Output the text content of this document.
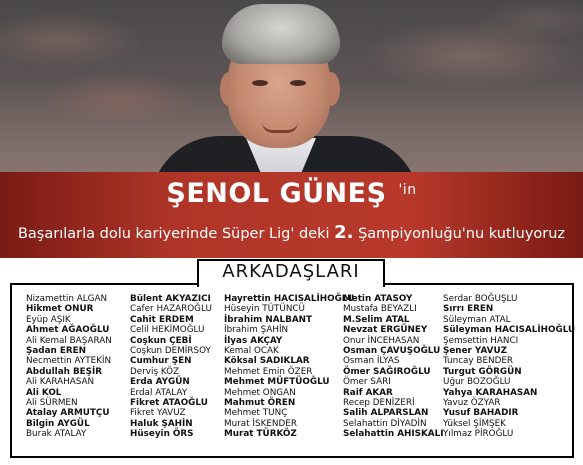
ŞENOL GÜNEŞ $^{'in}$
Başarılarla dolu kariyerinde Süper Lig' deki 2. Şampiyonluğu'nu kutluyoruz
ARKADAŞLARI
Nizamettin ALGAN
Hikmet ONUR
Eyüp AŞIK
Ahmet AĞAOĞLU
Ali Kemal BAŞARAN
Şadan EREN
Necmettin AYTEKİN
Abdullah BEŞİR
Ali KARAHASAN
Ali KOL
Ali SÜRMEN
Atalay ARMUTÇU
Bilgin AYGÜL
Burak ATALAY
Bülent AKYAZICI
Cafer HAZAROĞLU
Cahit ERDEM
Celil HEKİMOĞLU
Coşkun ÇEBİ
Coşkun DEMİRSOY
Cumhur ŞEN
Derviş KÖZ
Erda AYGÜN
Erdal ATALAY
Fikret ATAOĞLU
Fikret YAVUZ
Haluk ŞAHİN
Hüseyin ÖRS
Hayrettin HACISALİHOĞLU
Hüseyin TÜTÜNCÜ
İbrahim NALBANT
İbrahim ŞAHİN
İlyas AKÇAY
Kemal OCAK
Köksal SADIKLAR
Mehmet Emin ÖZER
Mehmet MÜFTÜOĞLU
Mehmet ONGAN
Mahmut ÖREN
Mehmet TUNÇ
Murat İSKENDER
Murat TÜRKÖZ
Metin ATASOY
Mustafa BEYAZLI
M.Selim ATAL
Nevzat ERGÜNEY
Onur İNCEHASAN
Osman ÇAVUŞOĞLU
Osman İLYAS
Ömer SAĞIROĞLU
Ömer SARI
Raif AKAR
Recep DENİZERİ
Salih ALPARSLAN
Selahattin DİYADİN
Selahattin AHISKALI
Serdar BOĞUŞLU
Sırrı EREN
Süleyman ATAL
Süleyman HACISALİHOĞLU
Şemsettin HANCI
Şener YAVUZ
Tuncay BENDER
Turgut GÖRGÜN
Uğur BOZOĞLU
Yahya KARAHASAN
Yavuz ÖZYAR
Yusuf BAHADIR
Yüksel ŞİMŞEK
Yılmaz PİROĞLU
